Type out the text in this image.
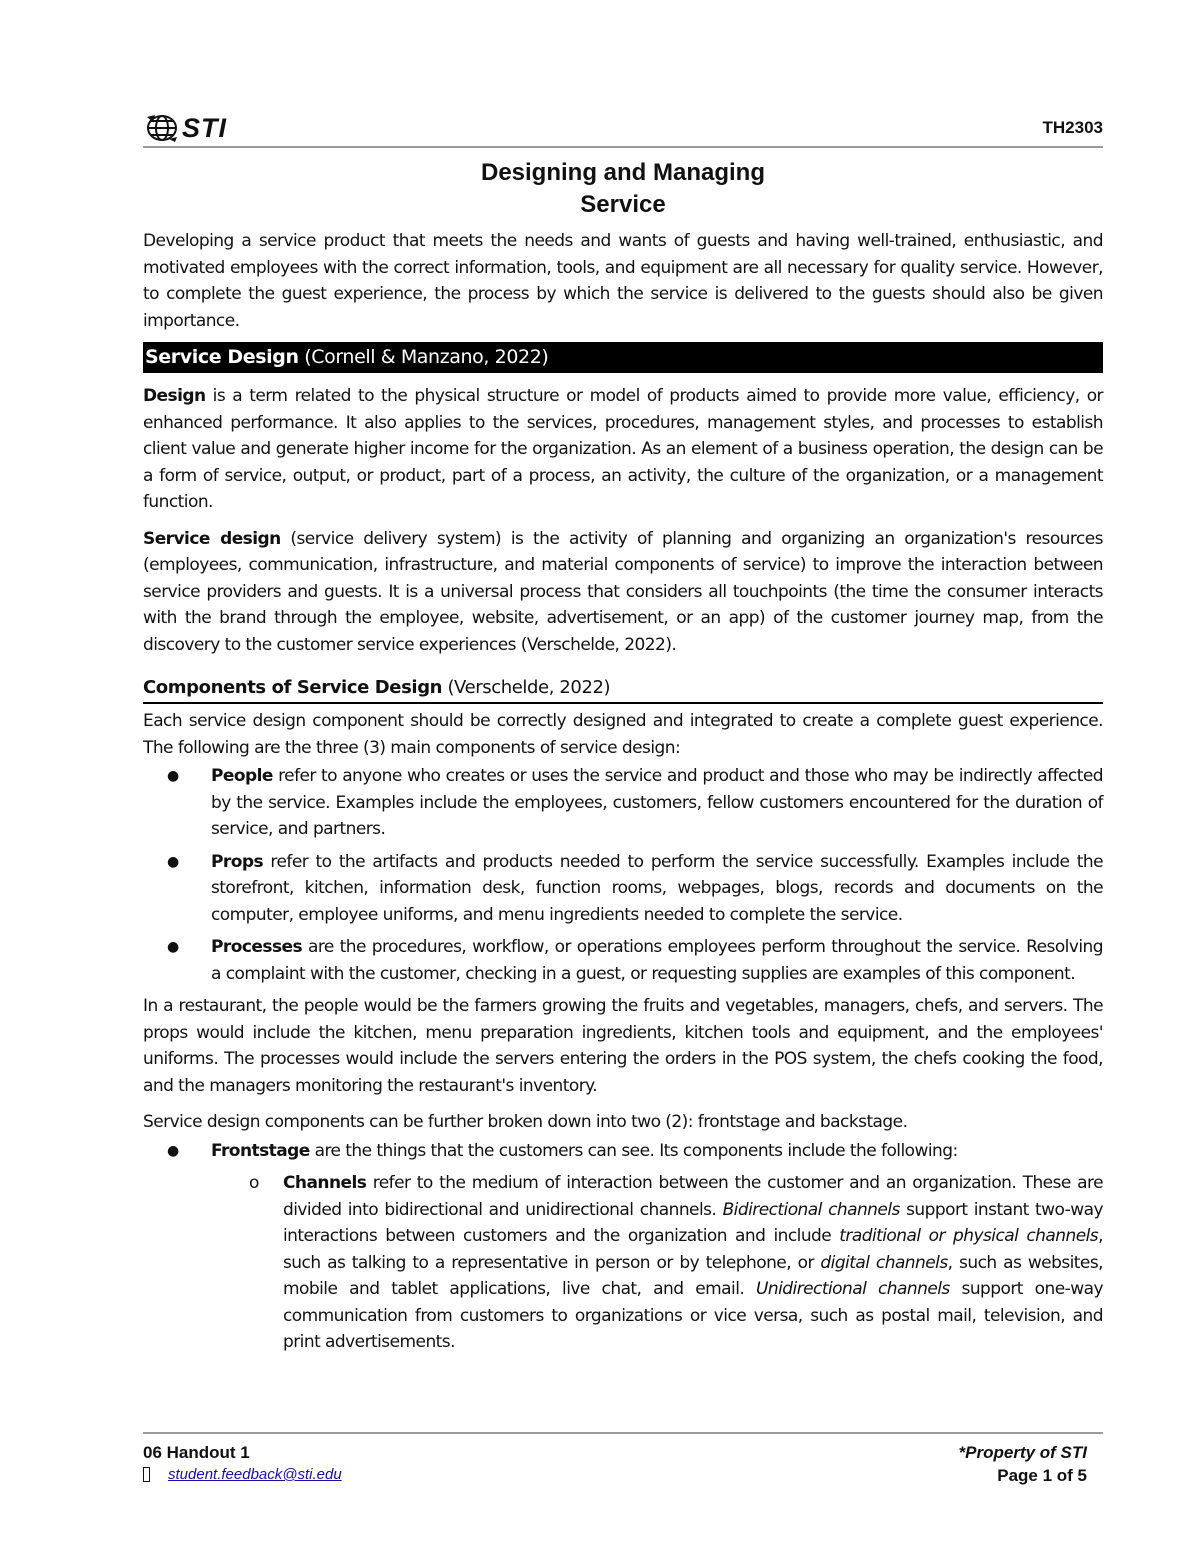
STI	TH2303
Designing and Managing
Service

Developing a service product that meets the needs and wants of guests and having well-trained, enthusiastic, and motivated employees with the correct information, tools, and equipment are all necessary for quality service. However, to complete the guest experience, the process by which the service is delivered to the guests should also be given importance.

Service Design (Cornell & Manzano, 2022)

Design is a term related to the physical structure or model of products aimed to provide more value, efficiency, or enhanced performance. It also applies to the services, procedures, management styles, and processes to establish client value and generate higher income for the organization. As an element of a business operation, the design can be a form of service, output, or product, part of a process, an activity, the culture of the organization, or a management function.

Service design (service delivery system) is the activity of planning and organizing an organization's resources (employees, communication, infrastructure, and material components of service) to improve the interaction between service providers and guests. It is a universal process that considers all touchpoints (the time the consumer interacts with the brand through the employee, website, advertisement, or an app) of the customer journey map, from the discovery to the customer service experiences (Verschelde, 2022).

Components of Service Design (Verschelde, 2022)

Each service design component should be correctly designed and integrated to create a complete guest experience. The following are the three (3) main components of service design:

● People refer to anyone who creates or uses the service and product and those who may be indirectly affected by the service. Examples include the employees, customers, fellow customers encountered for the duration of service, and partners.
● Props refer to the artifacts and products needed to perform the service successfully. Examples include the storefront, kitchen, information desk, function rooms, webpages, blogs, records and documents on the computer, employee uniforms, and menu ingredients needed to complete the service.
● Processes are the procedures, workflow, or operations employees perform throughout the service. Resolving a complaint with the customer, checking in a guest, or requesting supplies are examples of this component.

In a restaurant, the people would be the farmers growing the fruits and vegetables, managers, chefs, and servers. The props would include the kitchen, menu preparation ingredients, kitchen tools and equipment, and the employees' uniforms. The processes would include the servers entering the orders in the POS system, the chefs cooking the food, and the managers monitoring the restaurant's inventory.

Service design components can be further broken down into two (2): frontstage and backstage.

● Frontstage are the things that the customers can see. Its components include the following:
o Channels refer to the medium of interaction between the customer and an organization. These are divided into bidirectional and unidirectional channels. Bidirectional channels support instant two-way interactions between customers and the organization and include traditional or physical channels, such as talking to a representative in person or by telephone, or digital channels, such as websites, mobile and tablet applications, live chat, and email. Unidirectional channels support one-way communication from customers to organizations or vice versa, such as postal mail, television, and print advertisements.
06 Handout 1	*Property of STI
student.feedback@sti.edu	Page 1 of 5
